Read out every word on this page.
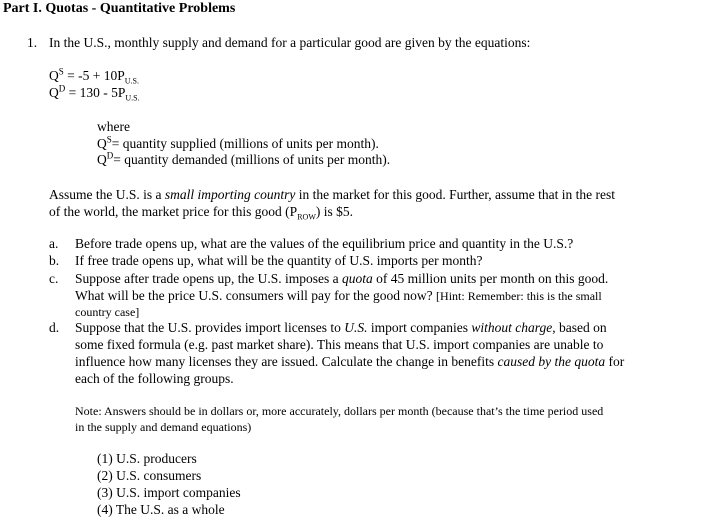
Part I. Quotas - Quantitative Problems
1. In the U.S., monthly supply and demand for a particular good are given by the equations:
$Q^S = -5 + 10P_{U.S.}$
$Q^D = 130 - 5P_{U.S.}$
where
$Q^S=$ quantity supplied (millions of units per month).
$Q^D=$ quantity demanded (millions of units per month).
Assume the U.S. is a small importing country in the market for this good. Further, assume that in the rest
of the world, the market price for this good $(P_{ROW})$ is $5.
a. Before trade opens up, what are the values of the equilibrium price and quantity in the U.S.?
b. If free trade opens up, what will be the quantity of U.S. imports per month?
c. Suppose after trade opens up, the U.S. imposes a quota of 45 million units per month on this good.
What will be the price U.S. consumers will pay for the good now? [Hint: Remember: this is the small
country case]
d. Suppose that the U.S. provides import licenses to U.S. import companies without charge, based on
some fixed formula (e.g. past market share). This means that U.S. import companies are unable to
influence how many licenses they are issued. Calculate the change in benefits caused by the quota for
each of the following groups.
Note: Answers should be in dollars or, more accurately, dollars per month (because that’s the time period used
in the supply and demand equations)
(1) U.S. producers
(2) U.S. consumers
(3) U.S. import companies
(4) The U.S. as a whole
